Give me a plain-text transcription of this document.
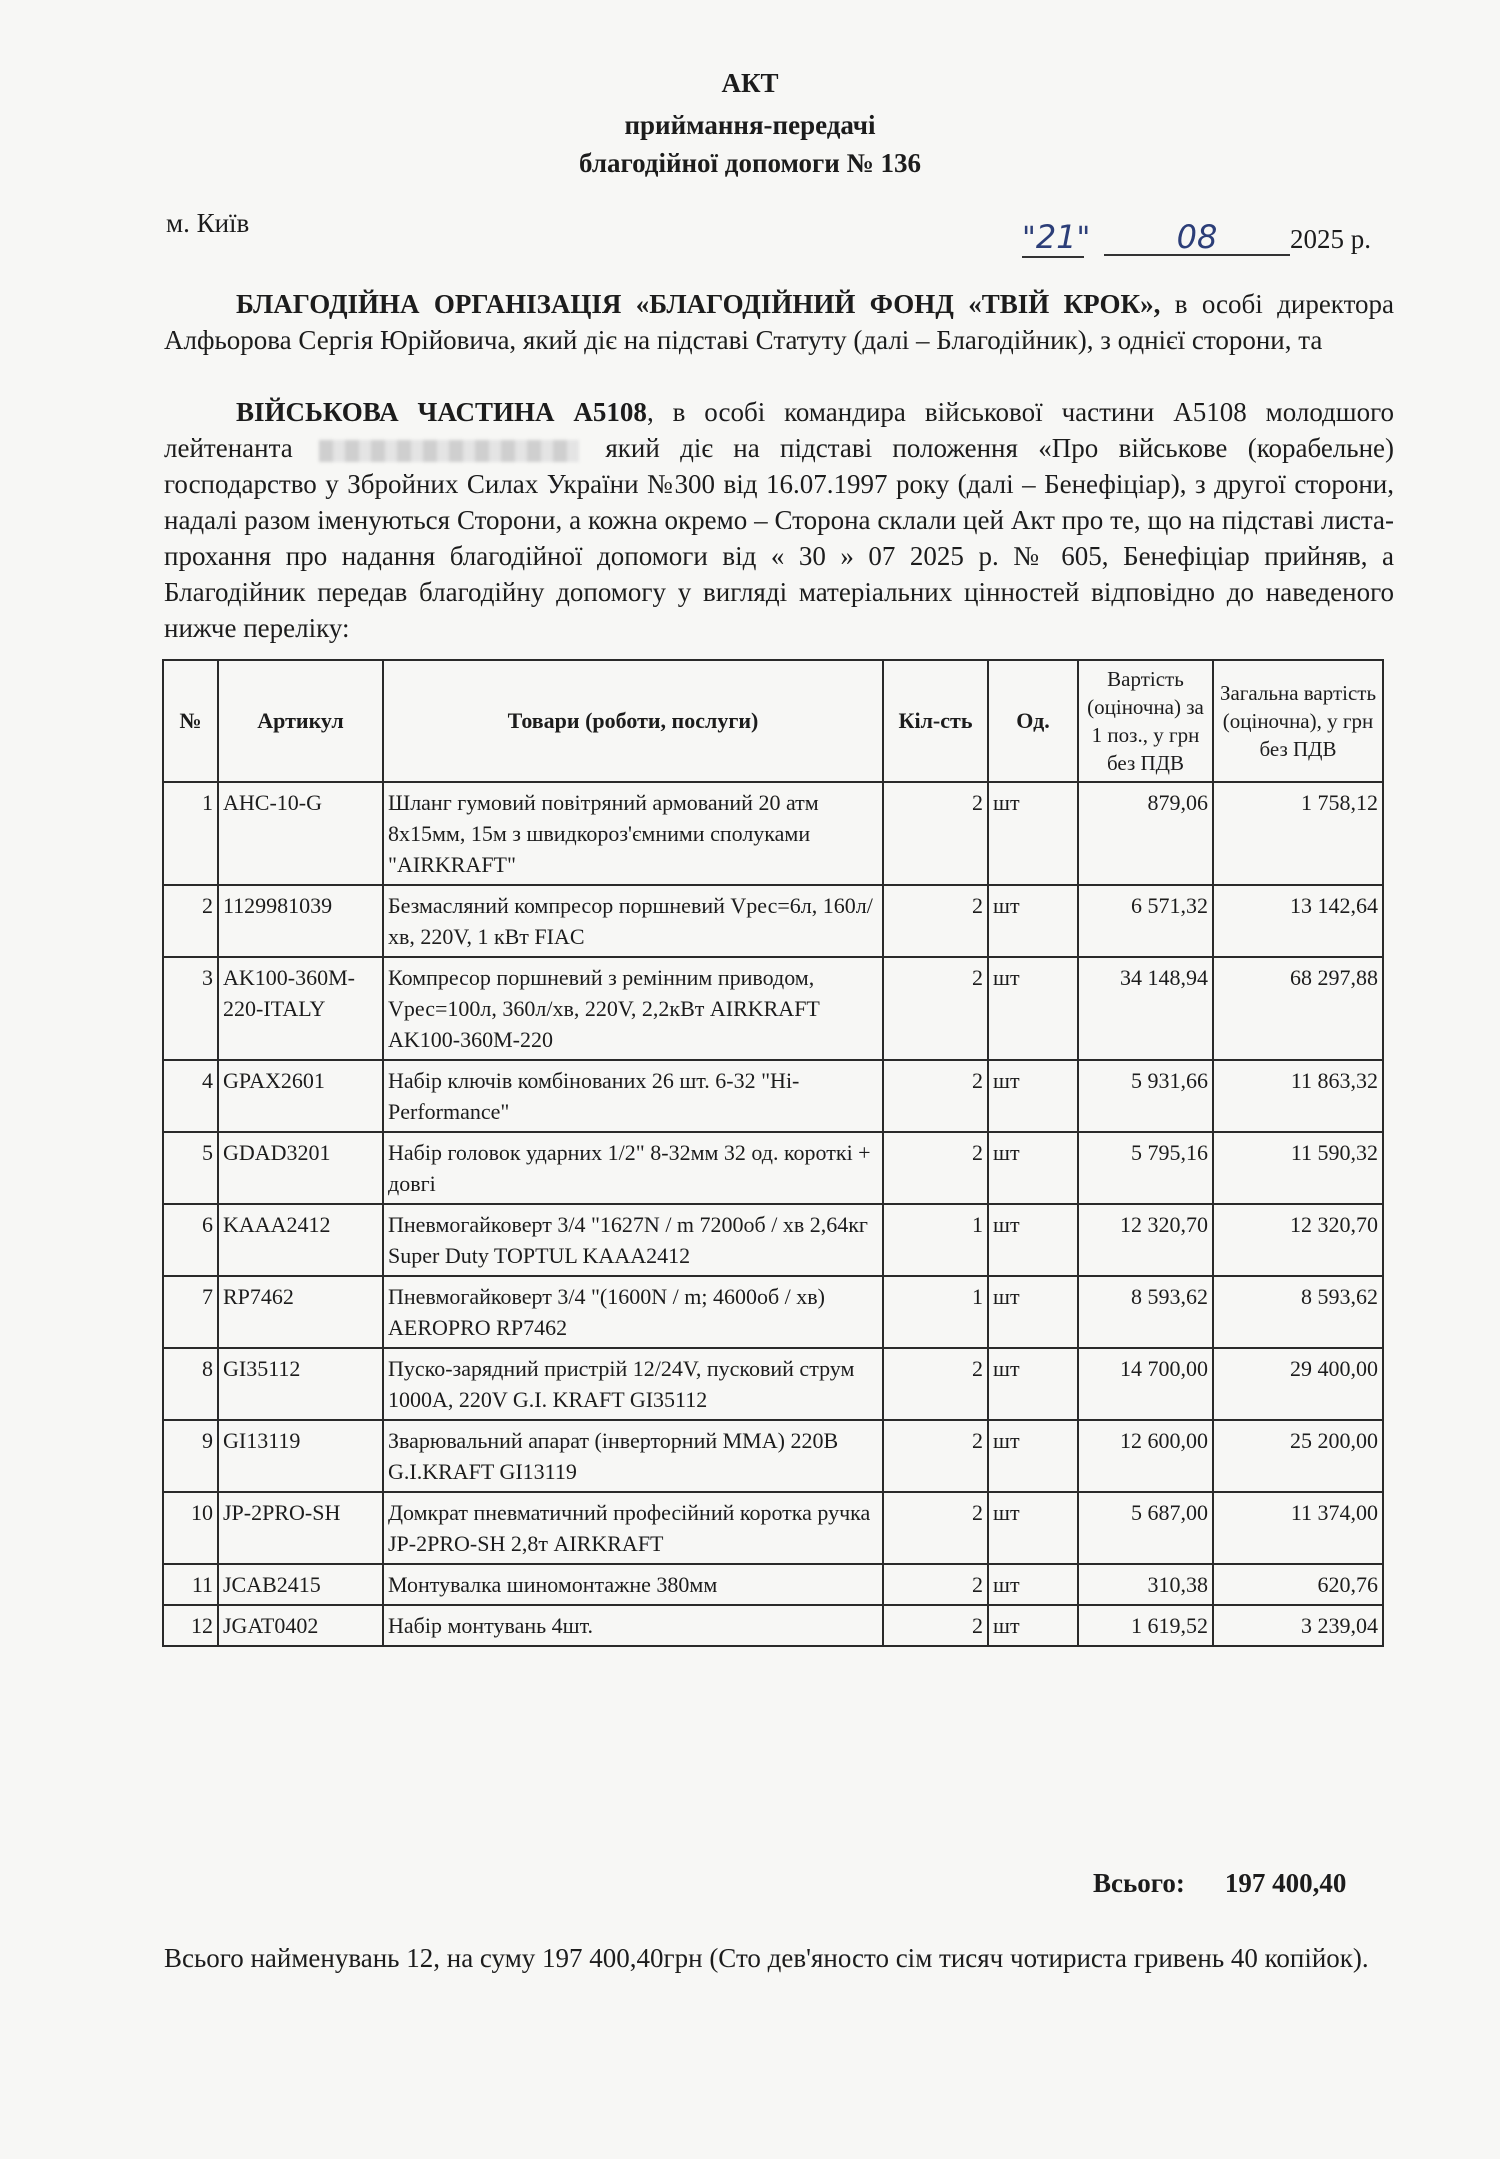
АКТ
приймання-передачі
благодійної допомоги № 136
м. Київ	"21"	08	2025 р.
БЛАГОДІЙНА ОРГАНІЗАЦІЯ «БЛАГОДІЙНИЙ ФОНД «ТВІЙ КРОК», в особі директора Алфьорова Сергія Юрійовича, який діє на підставі Статуту (далі – Благодійник), з однієї сторони, та
ВІЙСЬКОВА ЧАСТИНА А5108, в особі командира військової частини А5108 молодшого лейтенанта	який діє на підставі положення «Про військове (корабельне) господарство у Збройних Силах України №300 від 16.07.1997 року (далі – Бенефіціар), з другої сторони, надалі разом іменуються Сторони, а кожна окремо – Сторона склали цей Акт про те, що на підставі листа-прохання про надання благодійної допомоги від « 30 » 07 2025 р. № 605, Бенефіціар прийняв, а Благодійник передав благодійну допомогу у вигляді матеріальних цінностей відповідно до наведеного нижче переліку:
№	Артикул	Товари (роботи, послуги)	Кіл-сть	Од.	Вартість (оціночна) за 1 поз., у грн без ПДВ	Загальна вартість (оціночна), у грн без ПДВ
1	AHC-10-G	Шланг гумовий повітряний армований 20 атм 8x15мм, 15м з швидкороз'ємними сполуками "AIRKRAFT"	2	шт	879,06	1 758,12
2	1129981039	Безмасляний компресор поршневий Vрес=6л, 160л/хв, 220V, 1 кВт FIAC	2	шт	6 571,32	13 142,64
3	AK100-360M-220-ITALY	Компресор поршневий з ремінним приводом, Vрес=100л, 360л/хв, 220V, 2,2кВт AIRKRAFT AK100-360M-220	2	шт	34 148,94	68 297,88
4	GPAX2601	Набір ключів комбінованих 26 шт. 6-32 "Hi-Performance"	2	шт	5 931,66	11 863,32
5	GDAD3201	Набір головок ударних 1/2" 8-32мм 32 од. короткі + довгі	2	шт	5 795,16	11 590,32
6	KAAA2412	Пневмогайковерт 3/4 "1627N / m 7200об / хв 2,64кг Super Duty TOPTUL KAAA2412	1	шт	12 320,70	12 320,70
7	RP7462	Пневмогайковерт 3/4 "(1600N / m; 4600об / хв) AEROPRO RP7462	1	шт	8 593,62	8 593,62
8	GI35112	Пуско-зарядний пристрій 12/24V, пусковий струм 1000А, 220V G.I. KRAFT GI35112	2	шт	14 700,00	29 400,00
9	GI13119	Зварювальний апарат (інверторний ММА) 220В G.I.KRAFT GI13119	2	шт	12 600,00	25 200,00
10	JP-2PRO-SH	Домкрат пневматичний професійний коротка ручка JP-2PRO-SH 2,8т AIRKRAFT	2	шт	5 687,00	11 374,00
11	JCAB2415	Монтувалка шиномонтажне 380мм	2	шт	310,38	620,76
12	JGAT0402	Набір монтувань 4шт.	2	шт	1 619,52	3 239,04
Всього: 197 400,40
Всього найменувань 12, на суму 197 400,40грн (Сто дев'яносто сім тисяч чотириста гривень 40 копійок).
